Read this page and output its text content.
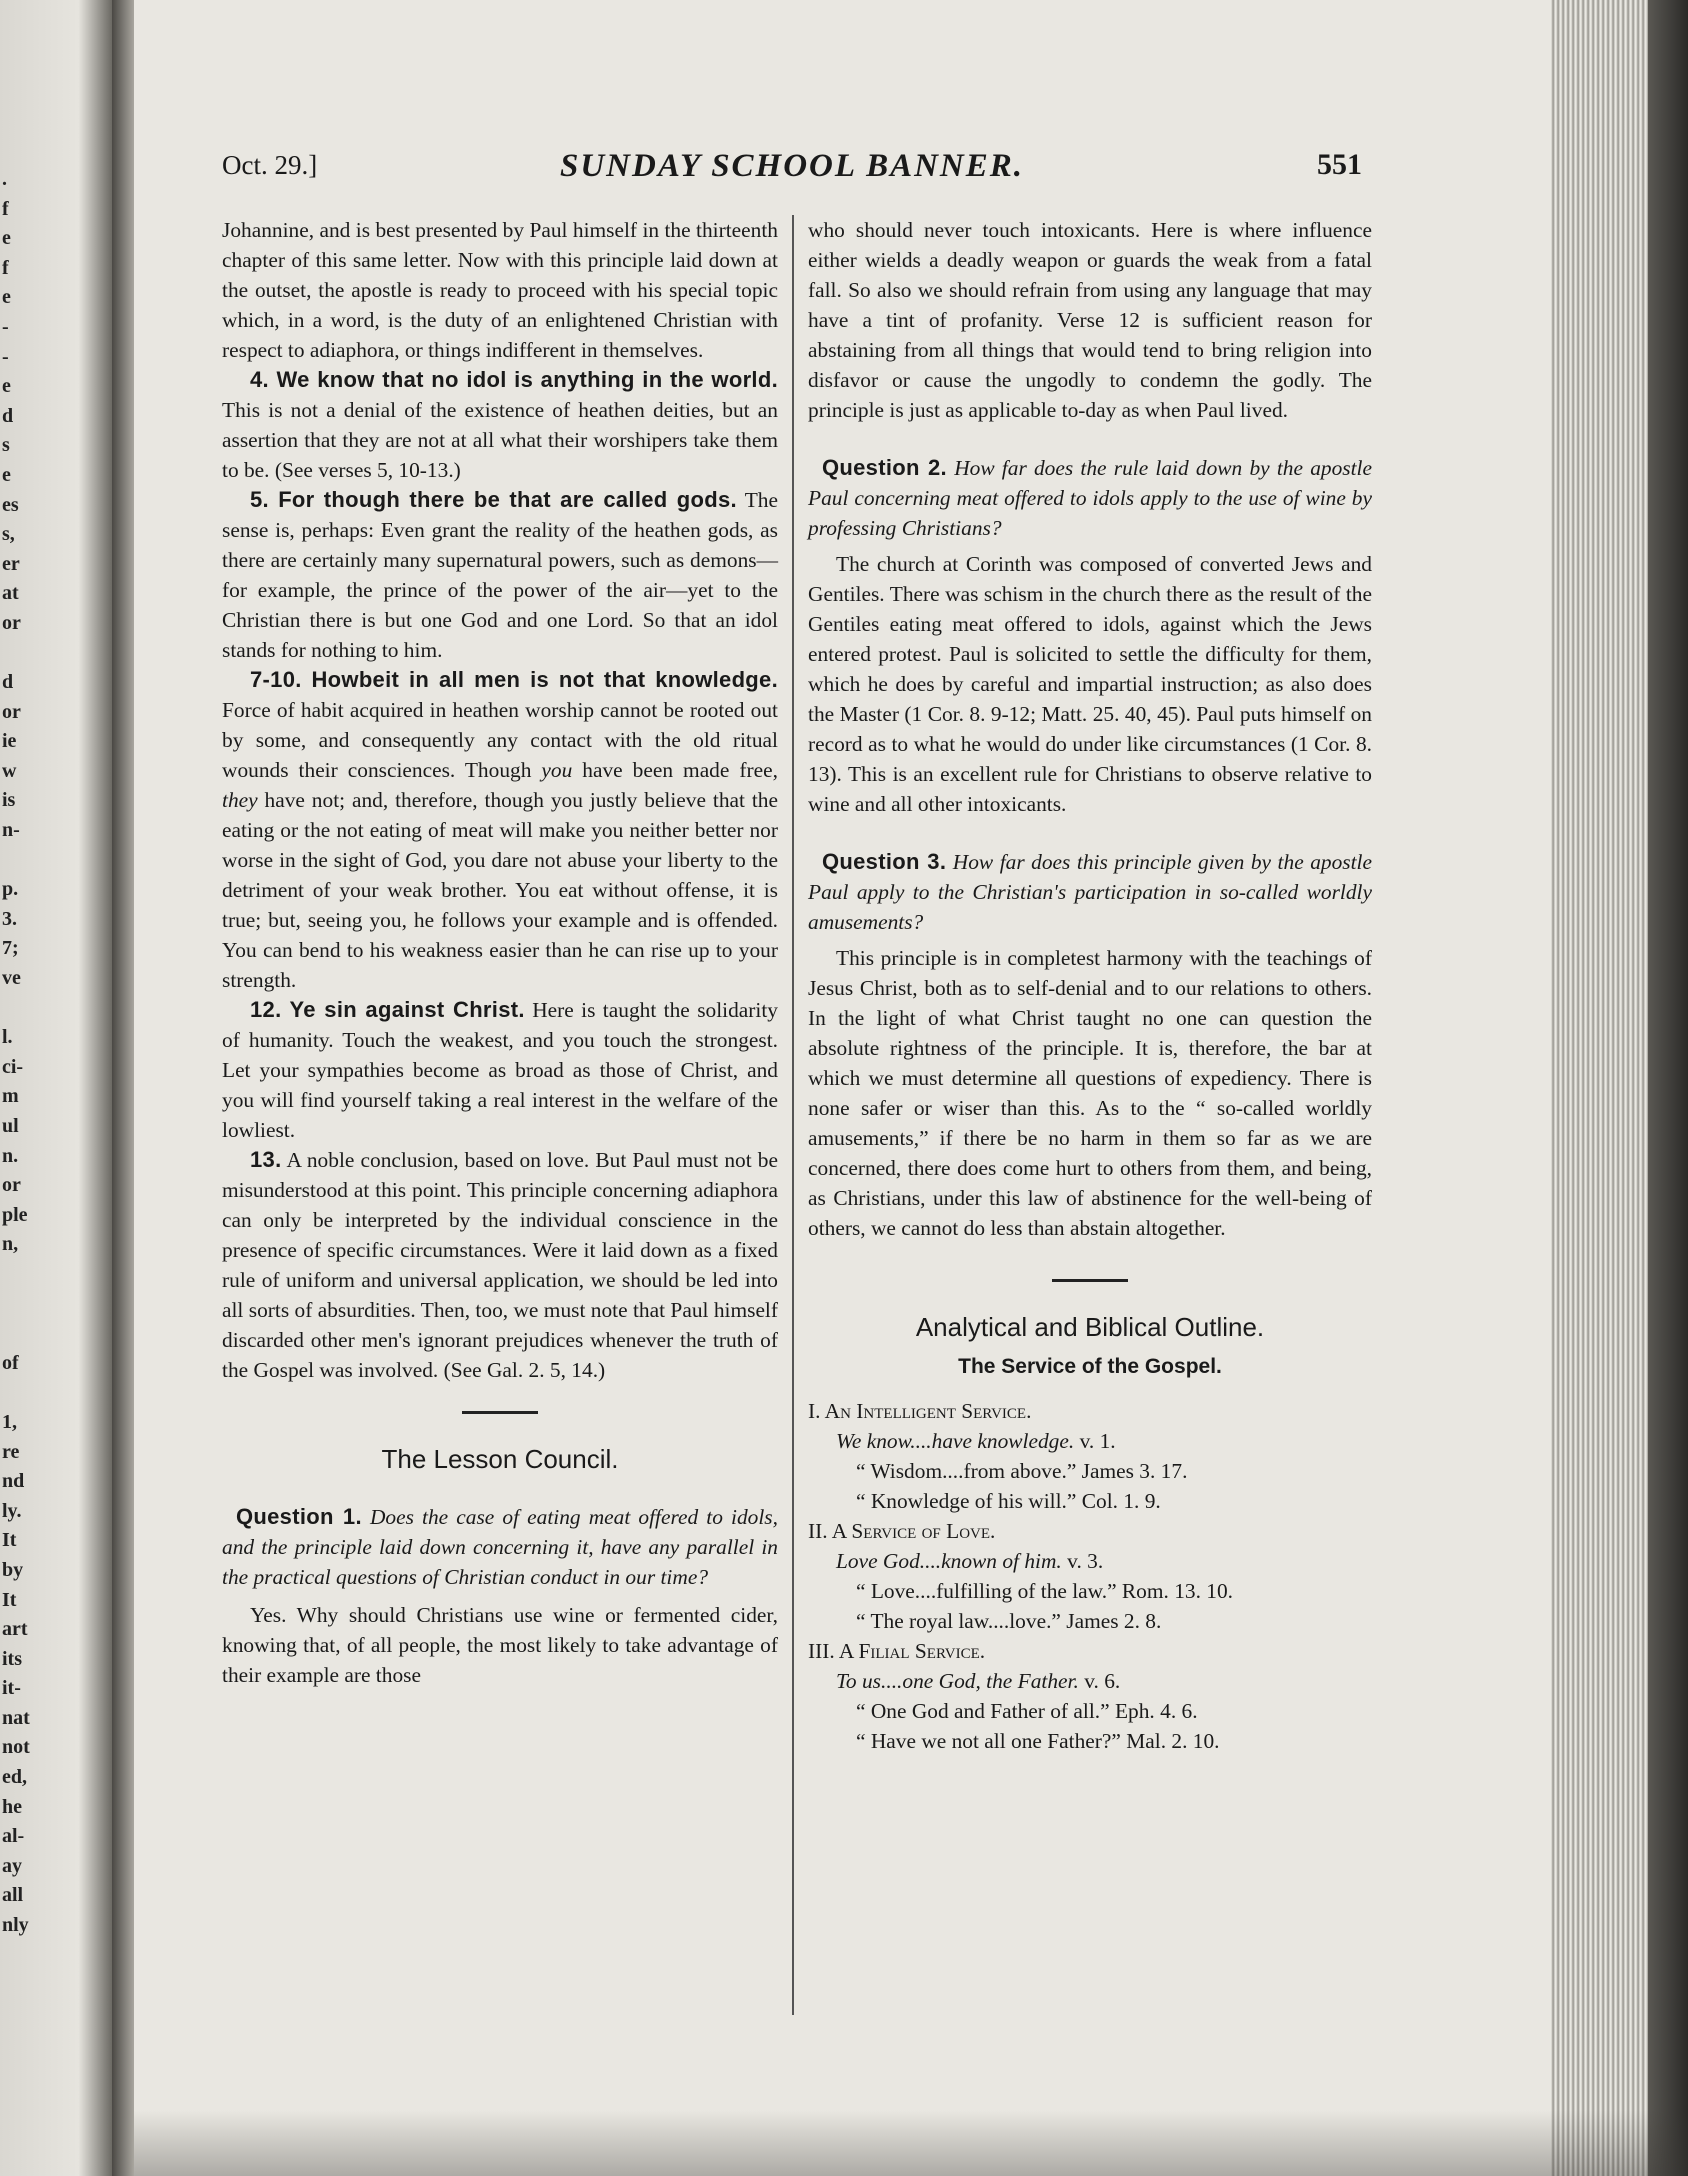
.
f
e
f
e
-
-
e
d
s
e
es
s,
er
at
or
d
or
ie
w
is
n-
p.
3.
7;
ve
l.
ci-
m
ul
n.
or
ple
n,
of
1,
re
nd
ly.
It
by
It
art
its
it-
nat
not
ed,
he
al-
ay
all
nly
Oct. 29.]	SUNDAY SCHOOL BANNER.	551

Johannine, and is best presented by Paul himself in the thirteenth chapter of this same letter. Now with this principle laid down at the outset, the apostle is ready to proceed with his special topic which, in a word, is the duty of an enlightened Christian with respect to adiaphora, or things indifferent in themselves.

4. We know that no idol is anything in the world. This is not a denial of the existence of heathen deities, but an assertion that they are not at all what their worshipers take them to be. (See verses 5, 10-13.)

5. For though there be that are called gods. The sense is, perhaps: Even grant the reality of the heathen gods, as there are certainly many supernatural powers, such as demons—for example, the prince of the power of the air—yet to the Christian there is but one God and one Lord. So that an idol stands for nothing to him.

7-10. Howbeit in all men is not that knowledge. Force of habit acquired in heathen worship cannot be rooted out by some, and consequently any contact with the old ritual wounds their consciences. Though you have been made free, they have not; and, therefore, though you justly believe that the eating or the not eating of meat will make you neither better nor worse in the sight of God, you dare not abuse your liberty to the detriment of your weak brother. You eat without offense, it is true; but, seeing you, he follows your example and is offended. You can bend to his weakness easier than he can rise up to your strength.

12. Ye sin against Christ. Here is taught the solidarity of humanity. Touch the weakest, and you touch the strongest. Let your sympathies become as broad as those of Christ, and you will find yourself taking a real interest in the welfare of the lowliest.

13. A noble conclusion, based on love. But Paul must not be misunderstood at this point. This principle concerning adiaphora can only be interpreted by the individual conscience in the presence of specific circumstances. Were it laid down as a fixed rule of uniform and universal application, we should be led into all sorts of absurdities. Then, too, we must note that Paul himself discarded other men's ignorant prejudices whenever the truth of the Gospel was involved. (See Gal. 2. 5, 14.)

The Lesson Council.

Question 1. Does the case of eating meat offered to idols, and the principle laid down concerning it, have any parallel in the practical questions of Christian conduct in our time?

Yes. Why should Christians use wine or fermented cider, knowing that, of all people, the most likely to take advantage of their example are those

who should never touch intoxicants. Here is where influence either wields a deadly weapon or guards the weak from a fatal fall. So also we should refrain from using any language that may have a tint of profanity. Verse 12 is sufficient reason for abstaining from all things that would tend to bring religion into disfavor or cause the ungodly to condemn the godly. The principle is just as applicable to-day as when Paul lived.

Question 2. How far does the rule laid down by the apostle Paul concerning meat offered to idols apply to the use of wine by professing Christians?

The church at Corinth was composed of converted Jews and Gentiles. There was schism in the church there as the result of the Gentiles eating meat offered to idols, against which the Jews entered protest. Paul is solicited to settle the difficulty for them, which he does by careful and impartial instruction; as also does the Master (1 Cor. 8. 9-12; Matt. 25. 40, 45). Paul puts himself on record as to what he would do under like circumstances (1 Cor. 8. 13). This is an excellent rule for Christians to observe relative to wine and all other intoxicants.

Question 3. How far does this principle given by the apostle Paul apply to the Christian's participation in so-called worldly amusements?

This principle is in completest harmony with the teachings of Jesus Christ, both as to self-denial and to our relations to others. In the light of what Christ taught no one can question the absolute rightness of the principle. It is, therefore, the bar at which we must determine all questions of expediency. There is none safer or wiser than this. As to the “ so-called worldly amusements,” if there be no harm in them so far as we are concerned, there does come hurt to others from them, and being, as Christians, under this law of abstinence for the well-being of others, we cannot do less than abstain altogether.

Analytical and Biblical Outline.
The Service of the Gospel.
I. An Intelligent Service.
We know....have knowledge. v. 1.
“ Wisdom....from above.” James 3. 17.
“ Knowledge of his will.” Col. 1. 9.
II. A Service of Love.
Love God....known of him. v. 3.
“ Love....fulfilling of the law.” Rom. 13. 10.
“ The royal law....love.” James 2. 8.
III. A Filial Service.
To us....one God, the Father. v. 6.
“ One God and Father of all.” Eph. 4. 6.
“ Have we not all one Father?” Mal. 2. 10.
